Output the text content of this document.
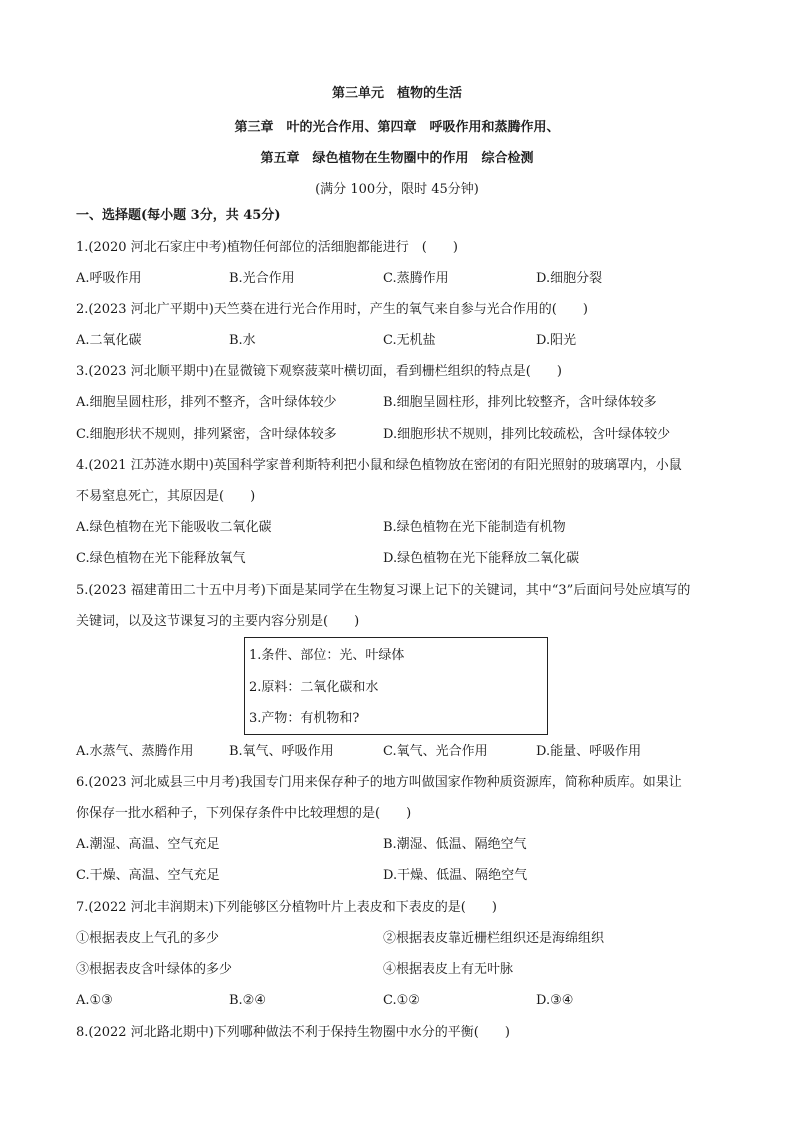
第三单元　植物的生活
第三章　叶的光合作用、第四章　呼吸作用和蒸腾作用、
第五章　绿色植物在生物圈中的作用　综合检测
(满分 100分，限时 45分钟)
一、选择题(每小题 3分，共 45分)
1.(2020 河北石家庄中考)植物任何部位的活细胞都能进行　(　　)
A.呼吸作用	B.光合作用	C.蒸腾作用	D.细胞分裂
2.(2023 河北广平期中)天竺葵在进行光合作用时，产生的氧气来自参与光合作用的(　　)
A.二氧化碳	B.水	C.无机盐	D.阳光
3.(2023 河北顺平期中)在显微镜下观察菠菜叶横切面，看到栅栏组织的特点是(　　)
A.细胞呈圆柱形，排列不整齐，含叶绿体较少	B.细胞呈圆柱形，排列比较整齐，含叶绿体较多
C.细胞形状不规则，排列紧密，含叶绿体较多	D.细胞形状不规则，排列比较疏松，含叶绿体较少
4.(2021 江苏涟水期中)英国科学家普利斯特利把小鼠和绿色植物放在密闭的有阳光照射的玻璃罩内，小鼠
不易窒息死亡，其原因是(　　)
A.绿色植物在光下能吸收二氧化碳	B.绿色植物在光下能制造有机物
C.绿色植物在光下能释放氧气	D.绿色植物在光下能释放二氧化碳
5.(2023 福建莆田二十五中月考)下面是某同学在生物复习课上记下的关键词，其中“3”后面问号处应填写的
关键词，以及这节课复习的主要内容分别是(　　)
1.条件、部位：光、叶绿体
2.原料：二氧化碳和水
3.产物：有机物和?
A.水蒸气、蒸腾作用	B.氧气、呼吸作用	C.氧气、光合作用	D.能量、呼吸作用
6.(2023 河北威县三中月考)我国专门用来保存种子的地方叫做国家作物种质资源库，简称种质库。如果让
你保存一批水稻种子，下列保存条件中比较理想的是(　　)
A.潮湿、高温、空气充足	B.潮湿、低温、隔绝空气
C.干燥、高温、空气充足	D.干燥、低温、隔绝空气
7.(2022 河北丰润期末)下列能够区分植物叶片上表皮和下表皮的是(　　)
①根据表皮上气孔的多少	②根据表皮靠近栅栏组织还是海绵组织
③根据表皮含叶绿体的多少	④根据表皮上有无叶脉
A.①③	B.②④	C.①②	D.③④
8.(2022 河北路北期中)下列哪种做法不利于保持生物圈中水分的平衡(　　)
